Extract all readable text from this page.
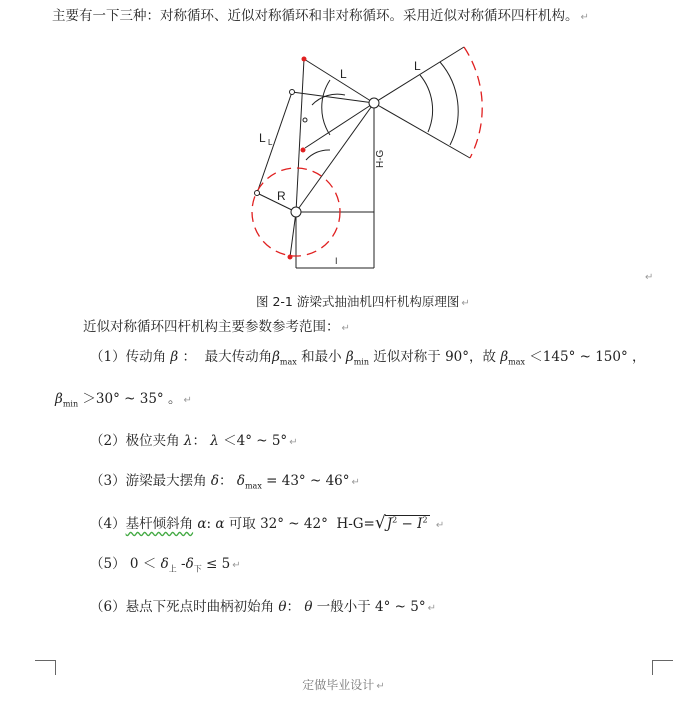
主要有一下三种：对称循环、近似对称循环和非对称循环。采用近似对称循环四杆机构。 ↵
L
L
L L
R
I
H-G
↵
图 2-1 游梁式抽油机四杆机构原理图 ↵
近似对称循环四杆机构主要参数参考范围： ↵
（1）传动角 β ： 最大传动角$\beta_{max}$ 和最小 $\beta_{min}$ 近似对称于 90°，故 $\beta_{max} <145^\circ$ ~ 150° ，
$\beta_{min} >30^\circ$ ~ 35° 。 ↵
（2）极位夹角 λ： λ ＜4° ~ 5° ↵
（3）游梁最大摆角 δ： $\delta_{max} = 43^\circ$ ~ 46° ↵
（4）基杆倾斜角 α: α 可取 32° ~ 42° $H-G=√J^2 - I^2$ ↵
（5） $0 < \delta_上$ $-\delta_下 \le 5$ ↵
（6）悬点下死点时曲柄初始角 θ： θ 一般小于 4° ~ 5° ↵
定做毕业设计 ↵
